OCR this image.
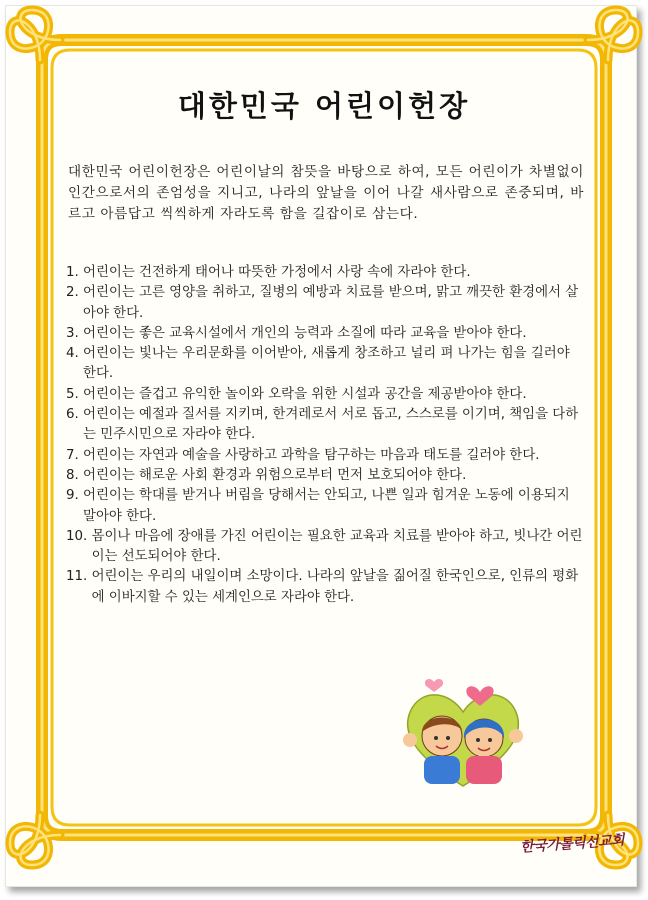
대한민국 어린이헌장
대한민국 어린이헌장은 어린이날의 참뜻을 바탕으로 하여, 모든 어린이가 차별없이 인간으로서의 존엄성을 지니고, 나라의 앞날을 이어 나갈 새사람으로 존중되며, 바르고 아름답고 씩씩하게 자라도록 함을 길잡이로 삼는다.
1. 어린이는 건전하게 태어나 따뜻한 가정에서 사랑 속에 자라야 한다.
2. 어린이는 고른 영양을 취하고, 질병의 예방과 치료를 받으며, 맑고 깨끗한 환경에서 살아야 한다.
3. 어린이는 좋은 교육시설에서 개인의 능력과 소질에 따라 교육을 받아야 한다.
4. 어린이는 빛나는 우리문화를 이어받아, 새롭게 창조하고 널리 펴 나가는 힘을 길러야 한다.
5. 어린이는 즐겁고 유익한 놀이와 오락을 위한 시설과 공간을 제공받아야 한다.
6. 어린이는 예절과 질서를 지키며, 한겨레로서 서로 돕고, 스스로를 이기며, 책임을 다하는 민주시민으로 자라야 한다.
7. 어린이는 자연과 예술을 사랑하고 과학을 탐구하는 마음과 태도를 길러야 한다.
8. 어린이는 해로운 사회 환경과 위험으로부터 먼저 보호되어야 한다.
9. 어린이는 학대를 받거나 버림을 당해서는 안되고, 나쁜 일과 힘겨운 노동에 이용되지 말아야 한다.
10. 몸이나 마음에 장애를 가진 어린이는 필요한 교육과 치료를 받아야 하고, 빗나간 어린이는 선도되어야 한다.
11. 어린이는 우리의 내일이며 소망이다. 나라의 앞날을 짊어질 한국인으로, 인류의 평화에 이바지할 수 있는 세계인으로 자라야 한다.
한국가톨릭선교회
